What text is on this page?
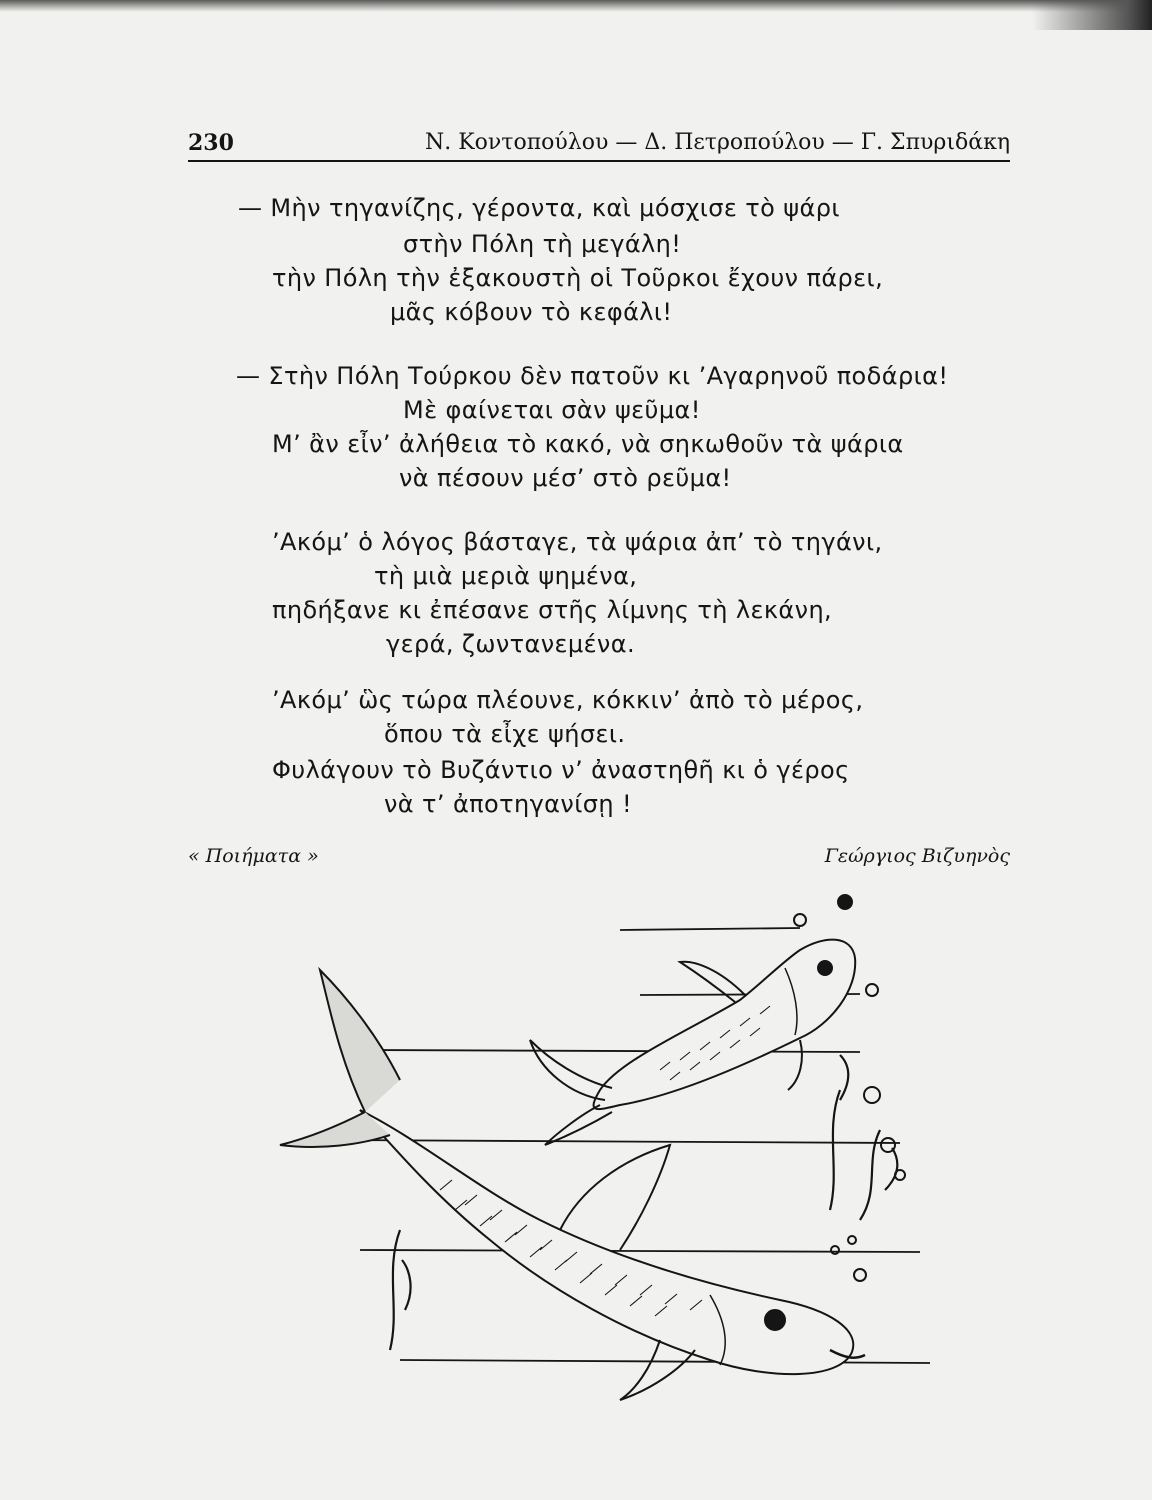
230	Ν. Κοντοπούλου — Δ. Πετροπούλου — Γ. Σπυριδάκη
— Μὴν τηγανίζης, γέροντα, καὶ μόσχισε τὸ ψάρι
στὴν Πόλη τὴ μεγάλη!
τὴν Πόλη τὴν ἐξακουστὴ οἱ Τοῦρκοι ἔχουν πάρει,
μᾶς κόβουν τὸ κεφάλι!
— Στὴν Πόλη Τούρκου δὲν πατοῦν κι ’Αγαρηνοῦ ποδάρια!
Μὲ φαίνεται σὰν ψεῦμα!
Μ’ ἂν εἶν’ ἀλήθεια τὸ κακό, νὰ σηκωθοῦν τὰ ψάρια
νὰ πέσουν μέσ’ στὸ ρεῦμα!
’Ακόμ’ ὁ λόγος βάσταγε, τὰ ψάρια ἀπ’ τὸ τηγάνι,
τὴ μιὰ μεριὰ ψημένα,
πηδήξανε κι ἐπέσανε στῆς λίμνης τὴ λεκάνη,
γερά, ζωντανεμένα.
’Ακόμ’ ὣς τώρα πλέουνε, κόκκιν’ ἀπὸ τὸ μέρος,
ὅπου τὰ εἶχε ψήσει.
Φυλάγουν τὸ Βυζάντιο ν’ ἀναστηθῆ κι ὁ γέρος
νὰ τ’ ἀποτηγανίσῃ !
« Ποιήματα »	Γεώργιος Βιζυηνὸς
